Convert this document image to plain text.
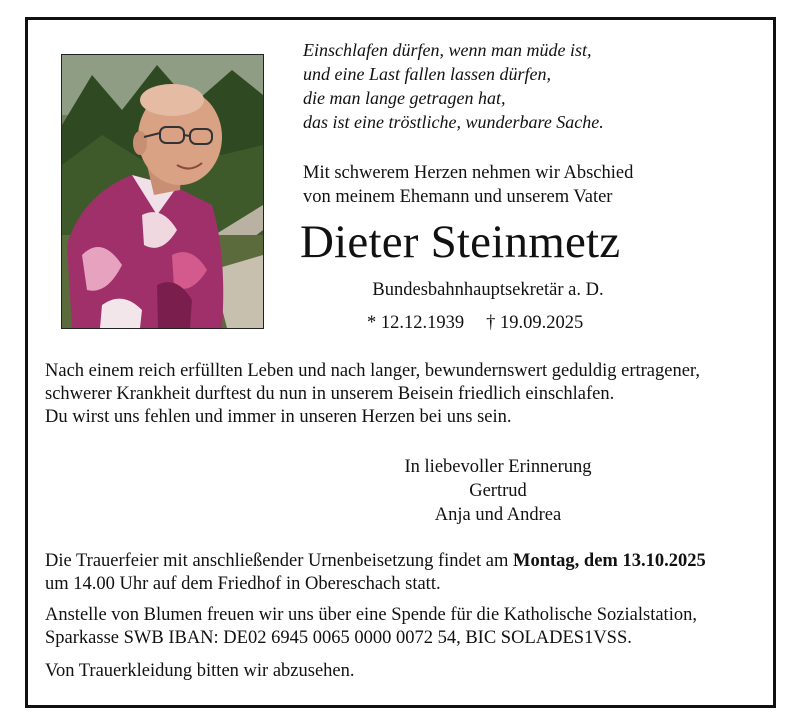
Einschlafen dürfen, wenn man müde ist,
und eine Last fallen lassen dürfen,
die man lange getragen hat,
das ist eine tröstliche, wunderbare Sache.
Mit schwerem Herzen nehmen wir Abschied
von meinem Ehemann und unserem Vater
Dieter Steinmetz
Bundesbahnhauptsekretär a. D.
* 12.12.1939 † 19.09.2025
Nach einem reich erfüllten Leben und nach langer, bewundernswert geduldig ertragener,
schwerer Krankheit durftest du nun in unserem Beisein friedlich einschlafen.
Du wirst uns fehlen und immer in unseren Herzen bei uns sein.
In liebevoller Erinnerung
Gertrud
Anja und Andrea
Die Trauerfeier mit anschließender Urnenbeisetzung findet am Montag, dem 13.10.2025
um 14.00 Uhr auf dem Friedhof in Obereschach statt.
Anstelle von Blumen freuen wir uns über eine Spende für die Katholische Sozialstation,
Sparkasse SWB IBAN: DE02 6945 0065 0000 0072 54, BIC SOLADES1VSS.
Von Trauerkleidung bitten wir abzusehen.
